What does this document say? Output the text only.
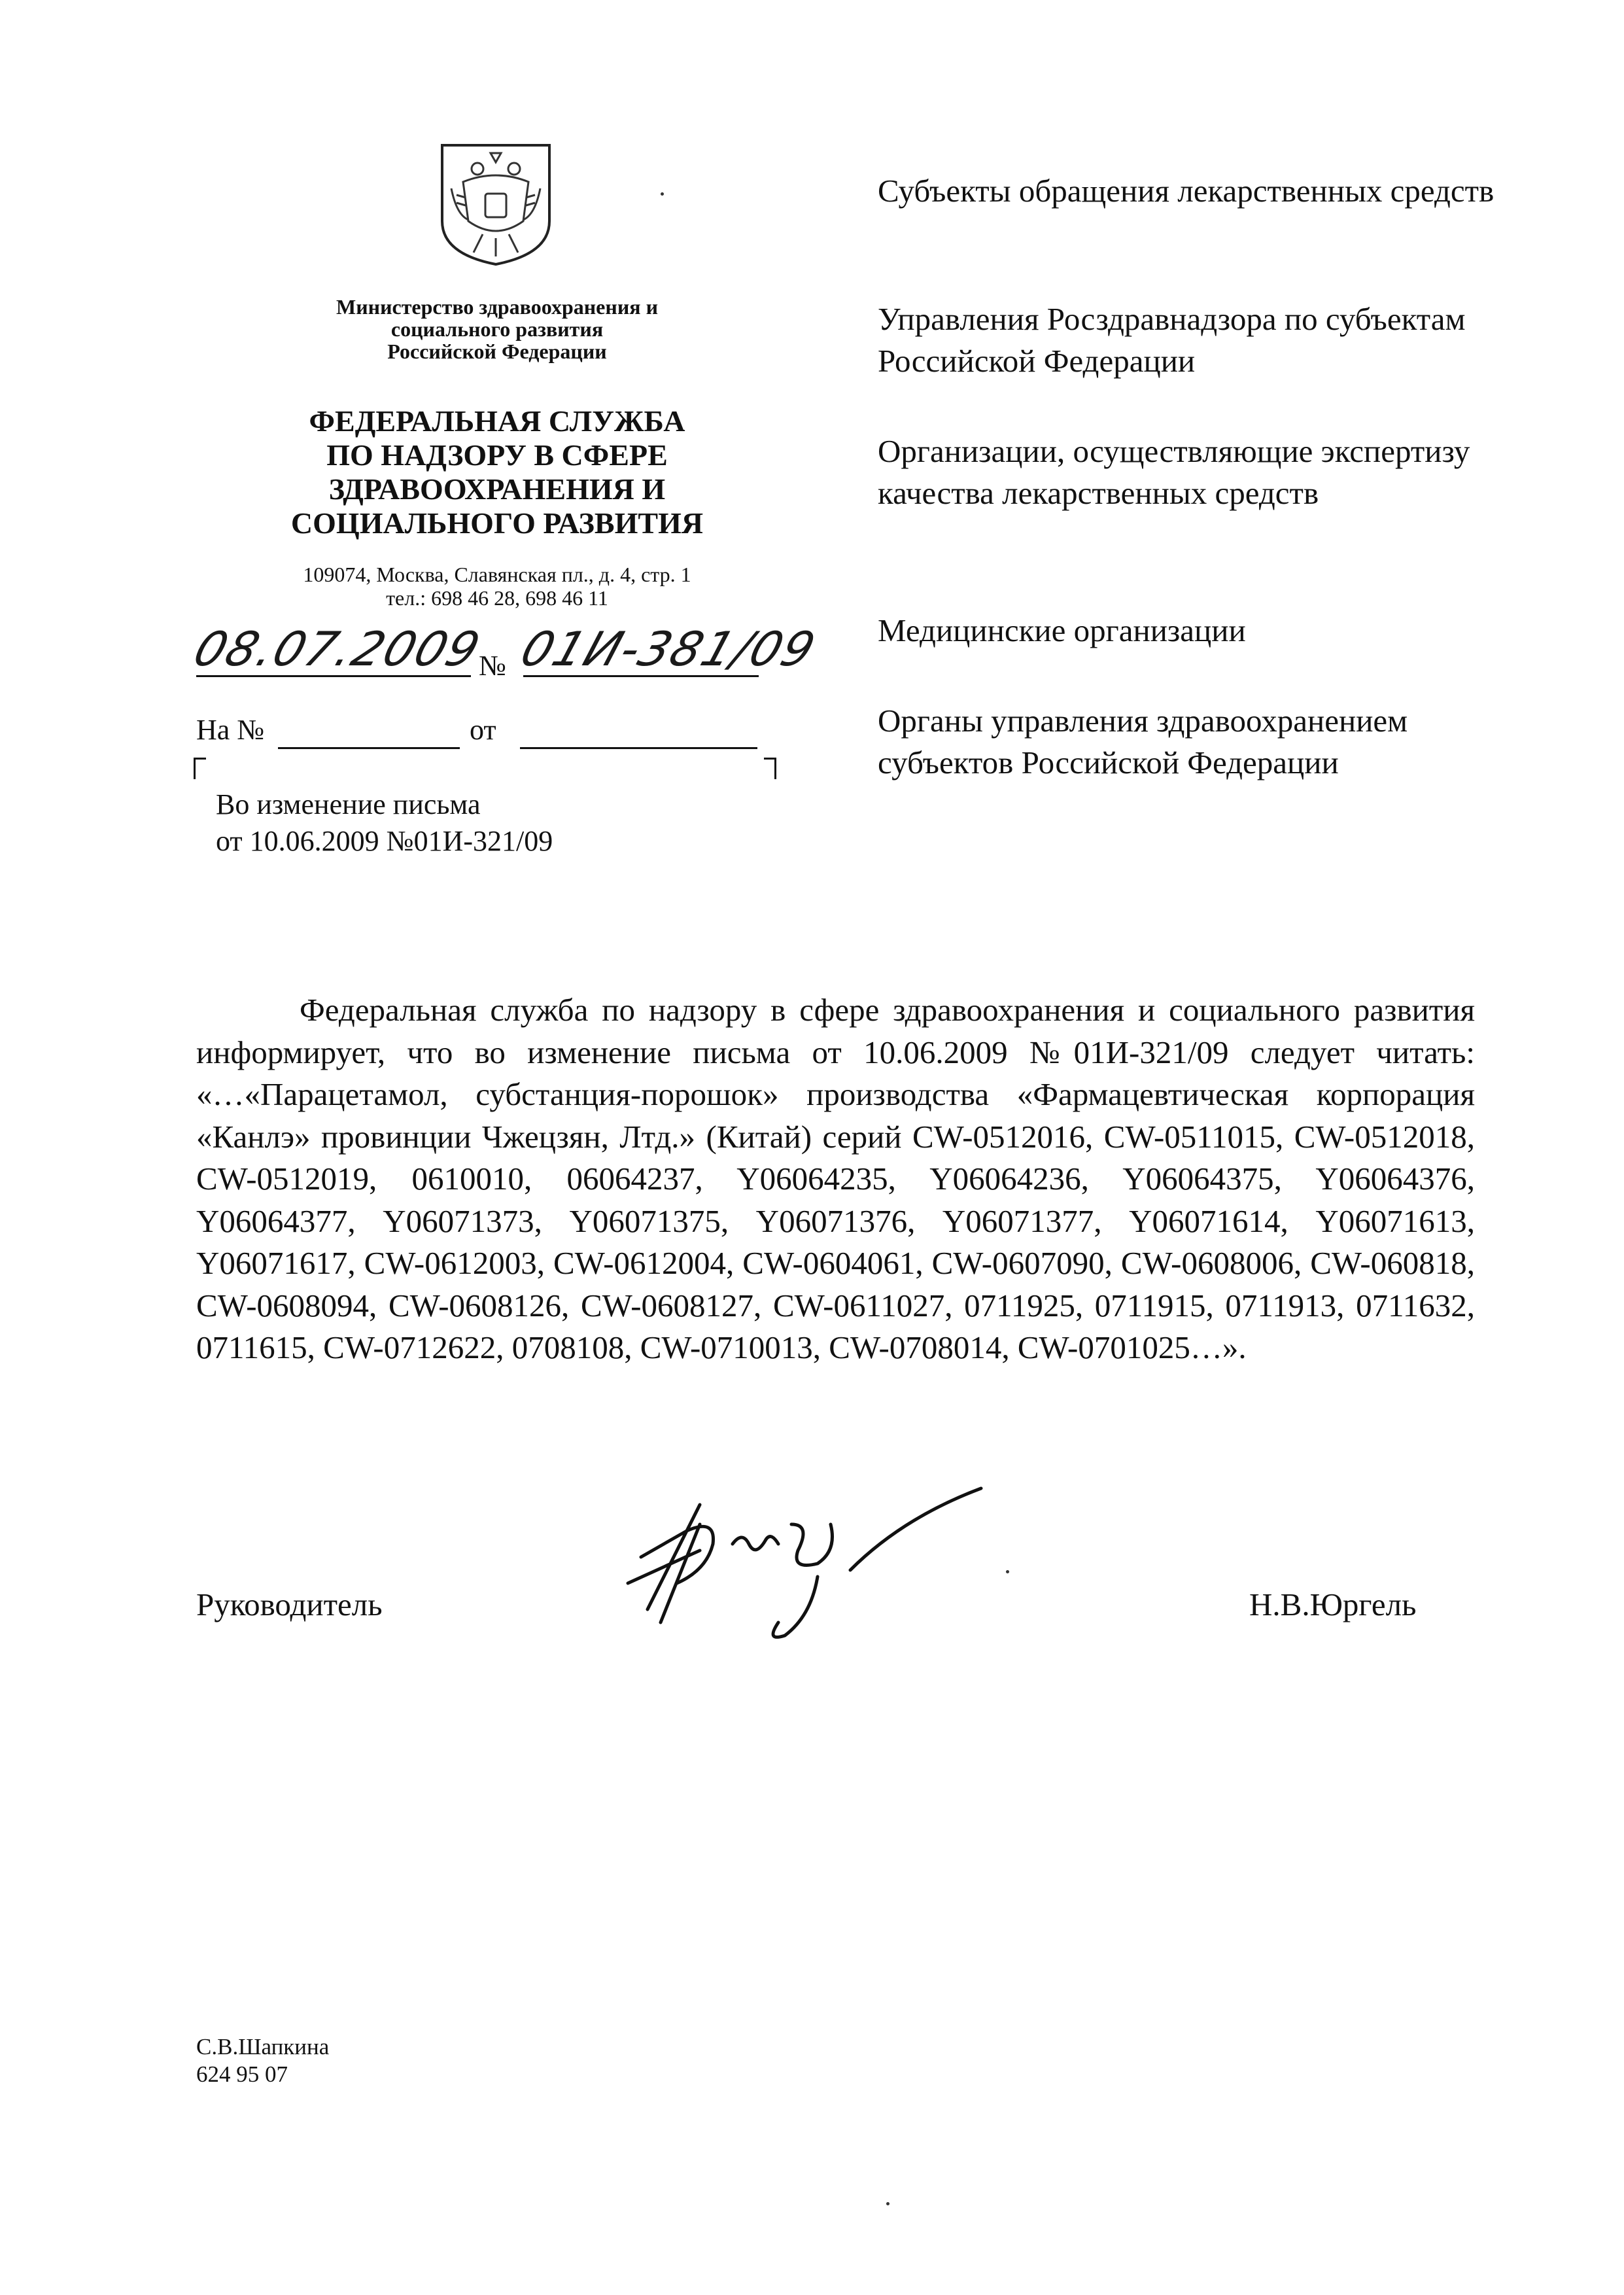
Министерство здравоохранения и
социального развития
Российской Федерации
ФЕДЕРАЛЬНАЯ СЛУЖБА
ПО НАДЗОРУ В СФЕРЕ
ЗДРАВООХРАНЕНИЯ И
СОЦИАЛЬНОГО РАЗВИТИЯ
109074, Москва, Славянская пл., д. 4, стр. 1
тел.: 698 46 28, 698 46 11
08.07.2009
№ 01И-381/09
На №	от
Во изменение письма
от 10.06.2009 №01И-321/09
Субъекты обращения лекарственных средств
Управления Росздравнадзора по субъектам Российской Федерации
Организации, осуществляющие экспертизу качества лекарственных средств
Медицинские организации
Органы управления здравоохранением субъектов Российской Федерации
Федеральная служба по надзору в сфере здравоохранения и социального развития информирует, что во изменение письма от 10.06.2009 №01И-321/09 следует читать: «…«Парацетамол, субстанция-порошок» производства «Фармацевтическая корпорация «Канлэ» провинции Чжецзян, Лтд.» (Китай) серий CW-0512016, CW-0511015, CW-0512018, CW-0512019, 0610010, 06064237, Y06064235, Y06064236, Y06064375, Y06064376, Y06064377, Y06071373, Y06071375, Y06071376, Y06071377, Y06071614, Y06071613, Y06071617, CW-0612003, CW-0612004, CW-0604061, CW-0607090, CW-0608006, CW-060818, CW-0608094, CW-0608126, CW-0608127, CW-0611027, 0711925, 0711915, 0711913, 0711632, 0711615, CW-0712622, 0708108, CW-0710013, CW-0708014, CW-0701025…».
Руководитель	Н.В.Юргель
С.В.Шапкина
624 95 07
